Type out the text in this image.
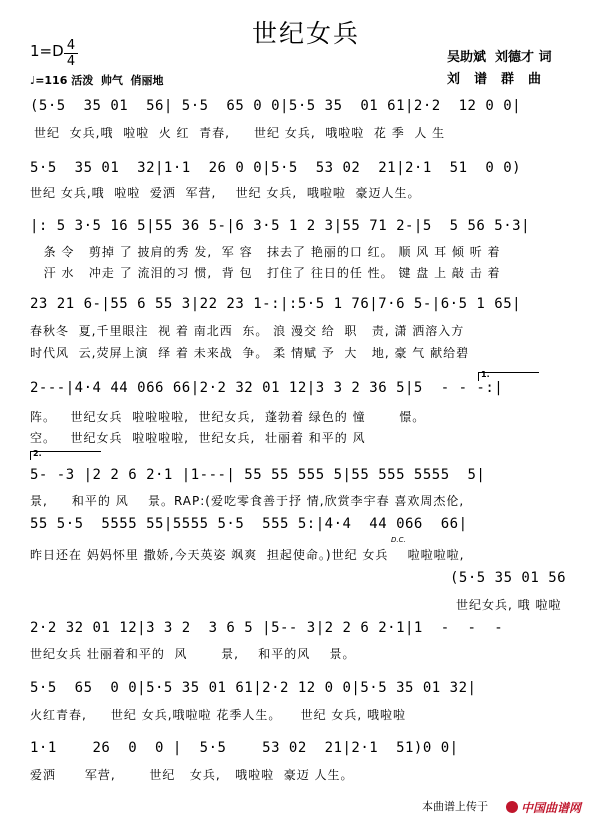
世纪女兵
1=D 4
4
♩=116 活泼  帅气  俏丽地
吴助斌  刘德才 词
刘谱群曲
(5·5  35 01  56| 5·5  65 0 0|5·5 35  01 61|2·2  12 0 0|
世纪  女兵,哦  啦啦  火 红  青春,     世纪 女兵,  哦啦啦  花 季  人 生
5·5  35 01  32|1·1  26 0 0|5·5  53 02  21|2·1  51  0 0)
世纪 女兵,哦  啦啦  爱洒  军营,    世纪 女兵,  哦啦啦  豪迈人生。
|: 5 3·5 16 5|55 36 5-|6 3·5 1 2 3|55 71 2-|5  5 56 5·3|
条 令   剪掉 了 披肩的秀 发,  军 容   抹去了 艳丽的口 红。 顺 风 耳 倾 听 着
汗 水   冲走 了 流泪的习 惯,  背 包   打住了 往日的任 性。 键 盘 上 敲 击 着
23 21 6-|55 6 55 3|22 23 1-:|:5·5 1 76|7·6 5-|6·5 1 65|
春秋冬  夏,千里眼注  视 着 南北西  东。 浪 漫交 给  职   责, 潇 洒溶入方
时代风  云,荧屏上演  绎 着 未来战  争。 柔 情赋 予  大   地, 豪 气 献给碧
2---|4·4 44 066 66|2·2 32 01 12|3 3 2 36 5|5  - - -:|
阵。   世纪女兵  啦啦啦啦,  世纪女兵,  蓬勃着 绿色的 憧       憬。
空。   世纪女兵  啦啦啦啦,  世纪女兵,  壮丽着 和平的 风
5- -3 |2 2 6 2·1 |1---| 55 55 555 5|55 555 5555  5|
景,     和平的 风    景。RAP:(爱吃零食善于抒 情,欣赏李宇春 喜欢周杰伦,
55 5·5  5555 55|5555 5·5  555 5:|4·4  44 066  66|
昨日还在 妈妈怀里 撒娇,今天英姿 飒爽  担起使命。)世纪 女兵    啦啦啦啦,
(5·5 35 01 56
世纪女兵, 哦 啦啦
2·2 32 01 12|3 3 2  3 6 5 |5-- 3|2 2 6 2·1|1  -  -  -
世纪女兵 壮丽着和平的  风       景,    和平的风    景。
5·5  65  0 0|5·5 35 01 61|2·2 12 0 0|5·5 35 01 32|
火红青春,     世纪 女兵,哦啦啦 花季人生。    世纪 女兵, 哦啦啦
1·1    26  0  0 |  5·5    53 02  21|2·1  51)0 0|
爱洒      军营,       世纪   女兵,   哦啦啦  豪迈 人生。
1.
2.
D.C.
本曲谱上传于	中国曲谱网
